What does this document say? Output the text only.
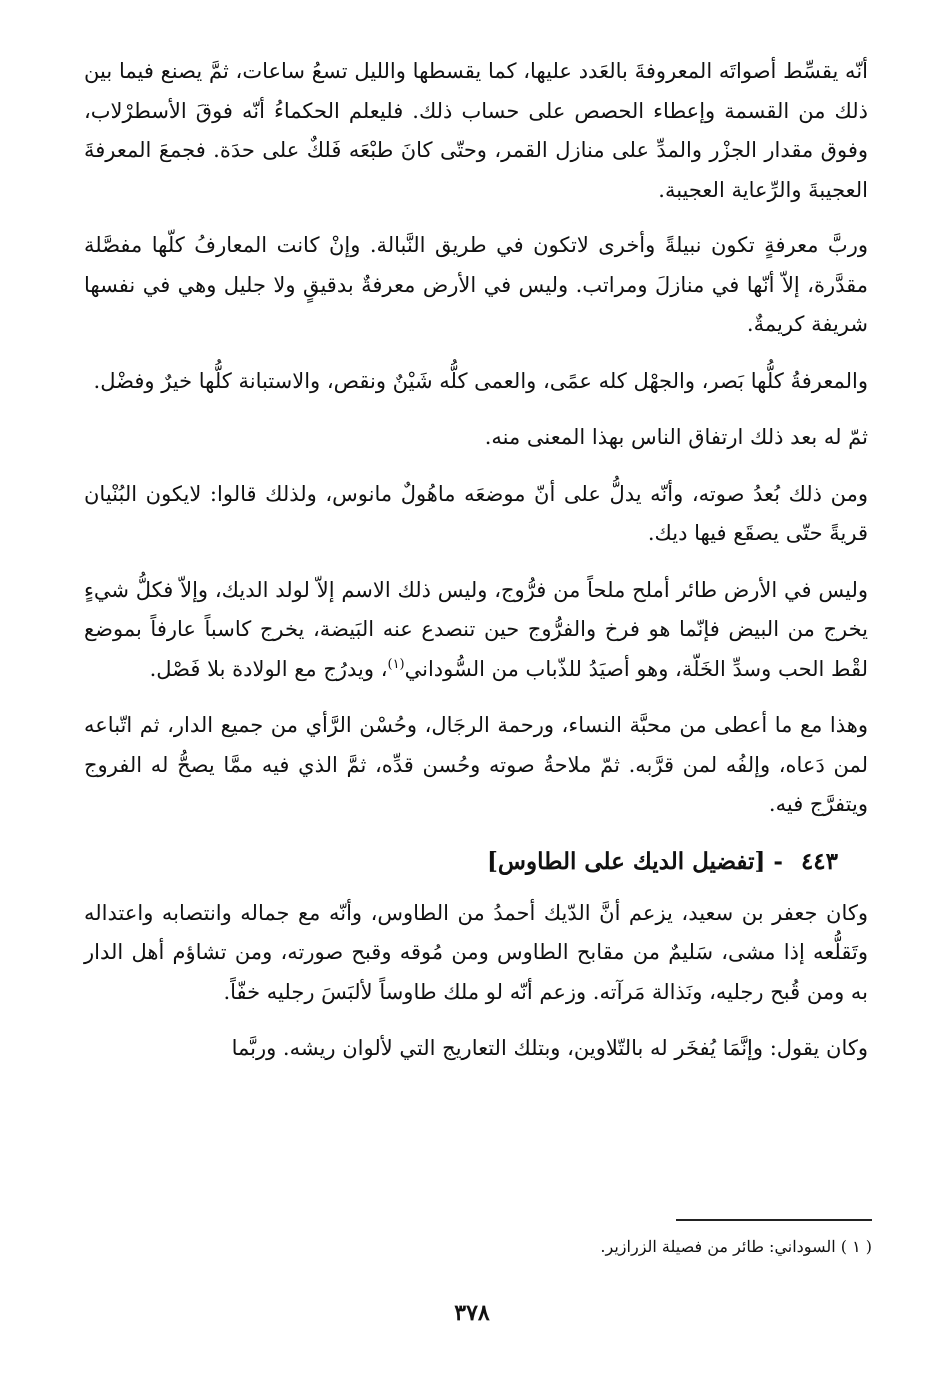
أنّه يقسِّط أصواتَه المعروفةَ بالعَدد عليها، كما يقسطها والليل تسعُ ساعات، ثمَّ يصنع فيما بين ذلك من القسمة وإعطاء الحصص على حساب ذلك. فليعلم الحكماءُ أنّه فوقَ الأسطرْلاب، وفوق مقدار الجزْر والمدِّ على منازل القمر، وحتّى كانَ طبْعَه فَلكٌ على حدَة. فجمعَ المعرفةَ العجيبةَ والرِّعاية العجيبة.

وربَّ معرفةٍ تكون نبيلةً وأخرى لاتكون في طريق النَّبالة. وإنْ كانت المعارفُ كلّها مفصَّلة مقدَّرة، إلاّ أنّها في منازلَ ومراتب. وليس في الأرض معرفةٌ بدقيقٍ ولا جليل وهي في نفسها شريفة كريمةٌ.

والمعرفةُ كلُّها بَصر، والجهْل كله عمًى، والعمى كلُّه شَيْنٌ ونقص، والاستبانة كلُّها خيرٌ وفضْل.

ثمّ له بعد ذلك ارتفاق الناس بهذا المعنى منه.

ومن ذلك بُعدُ صوته، وأنّه يدلُّ على أنّ موضعَه ماهُولٌ مانوس، ولذلك قالوا: لايكون البُنْيان قريةً حتّى يصقَع فيها ديك.

وليس في الأرض طائر أملح ملحاً من فرُّوج، وليس ذلك الاسم إلاّ لولد الديك، وإلاّ فكلُّ شيءٍ يخرج من البيض فإنّما هو فرخ والفرُّوج حين تنصدع عنه البَيضة، يخرج كاسباً عارفاً بموضع لقْط الحب وسدِّ الخَلّة، وهو أصيَدُ للذّباب من السُّوداني$^{(١)}$، ويدرُج مع الولادة بلا فَصْل.

وهذا مع ما أعطى من محبَّة النساء، ورحمة الرجَال، وحُسْن الرَّأي من جميع الدار، ثم اتّباعه لمن دَعاه، وإلفُه لمن قرَّبه. ثمّ ملاحةُ صوته وحُسن قدِّه، ثمَّ الذي فيه ممَّا يصحُّ له الفروج ويتفرَّج فيه.

٤٤٣ - [تفضيل الديك على الطاوس]

وكان جعفر بن سعيد، يزعم أنَّ الدّيك أحمدُ من الطاوس، وأنّه مع جماله وانتصابه واعتداله وتَقلُّعه إذا مشى، سَليمٌ من مقابح الطاوس ومن مُوقه وقبح صورته، ومن تشاؤم أهل الدار به ومن قُبح رجليه، ونَذالة مَرآته. وزعم أنّه لو ملك طاوساً لألبَسَ رجليه خفّاً.

وكان يقول: وإنَّمَا يُفخَر له بالتّلاوين، وبتلك التعاريج التي لألوان ريشه. وربَّما

( ١ ) السوداني: طائر من فصيلة الزرازير.
٣٧٨
